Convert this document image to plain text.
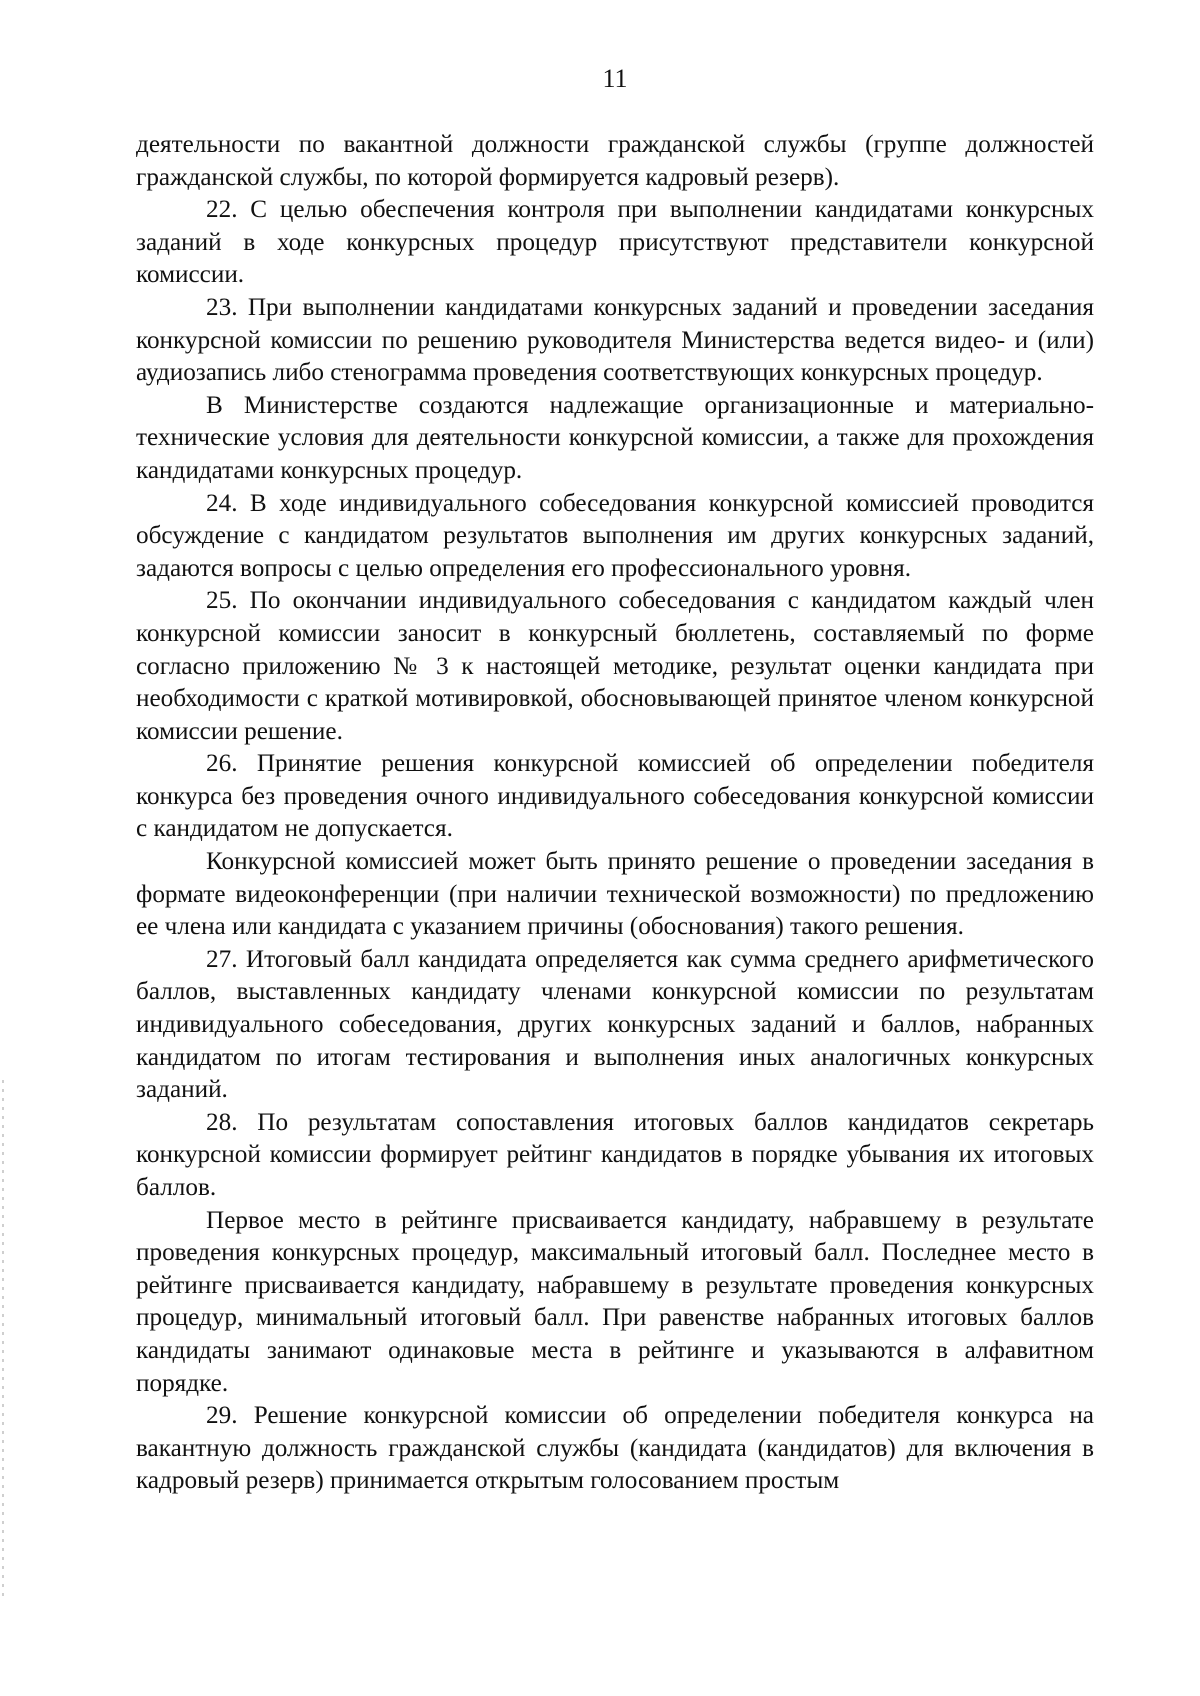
11

деятельности по вакантной должности гражданской службы (группе должностей гражданской службы, по которой формируется кадровый резерв).

22. С целью обеспечения контроля при выполнении кандидатами конкурсных заданий в ходе конкурсных процедур присутствуют представители конкурсной комиссии.

23. При выполнении кандидатами конкурсных заданий и проведении заседания конкурсной комиссии по решению руководителя Министерства ведется видео- и (или) аудиозапись либо стенограмма проведения соответствующих конкурсных процедур.

В Министерстве создаются надлежащие организационные и материально-технические условия для деятельности конкурсной комиссии, а также для прохождения кандидатами конкурсных процедур.

24. В ходе индивидуального собеседования конкурсной комиссией проводится обсуждение с кандидатом результатов выполнения им других конкурсных заданий, задаются вопросы с целью определения его профессионального уровня.

25. По окончании индивидуального собеседования с кандидатом каждый член конкурсной комиссии заносит в конкурсный бюллетень, составляемый по форме согласно приложению № 3 к настоящей методике, результат оценки кандидата при необходимости с краткой мотивировкой, обосновывающей принятое членом конкурсной комиссии решение.

26. Принятие решения конкурсной комиссией об определении победителя конкурса без проведения очного индивидуального собеседования конкурсной комиссии с кандидатом не допускается.

Конкурсной комиссией может быть принято решение о проведении заседания в формате видеоконференции (при наличии технической возможности) по предложению ее члена или кандидата с указанием причины (обоснования) такого решения.

27. Итоговый балл кандидата определяется как сумма среднего арифметического баллов, выставленных кандидату членами конкурсной комиссии по результатам индивидуального собеседования, других конкурсных заданий и баллов, набранных кандидатом по итогам тестирования и выполнения иных аналогичных конкурсных заданий.

28. По результатам сопоставления итоговых баллов кандидатов секретарь конкурсной комиссии формирует рейтинг кандидатов в порядке убывания их итоговых баллов.

Первое место в рейтинге присваивается кандидату, набравшему в результате проведения конкурсных процедур, максимальный итоговый балл. Последнее место в рейтинге присваивается кандидату, набравшему в результате проведения конкурсных процедур, минимальный итоговый балл. При равенстве набранных итоговых баллов кандидаты занимают одинаковые места в рейтинге и указываются в алфавитном порядке.

29. Решение конкурсной комиссии об определении победителя конкурса на вакантную должность гражданской службы (кандидата (кандидатов) для включения в кадровый резерв) принимается открытым голосованием простым
